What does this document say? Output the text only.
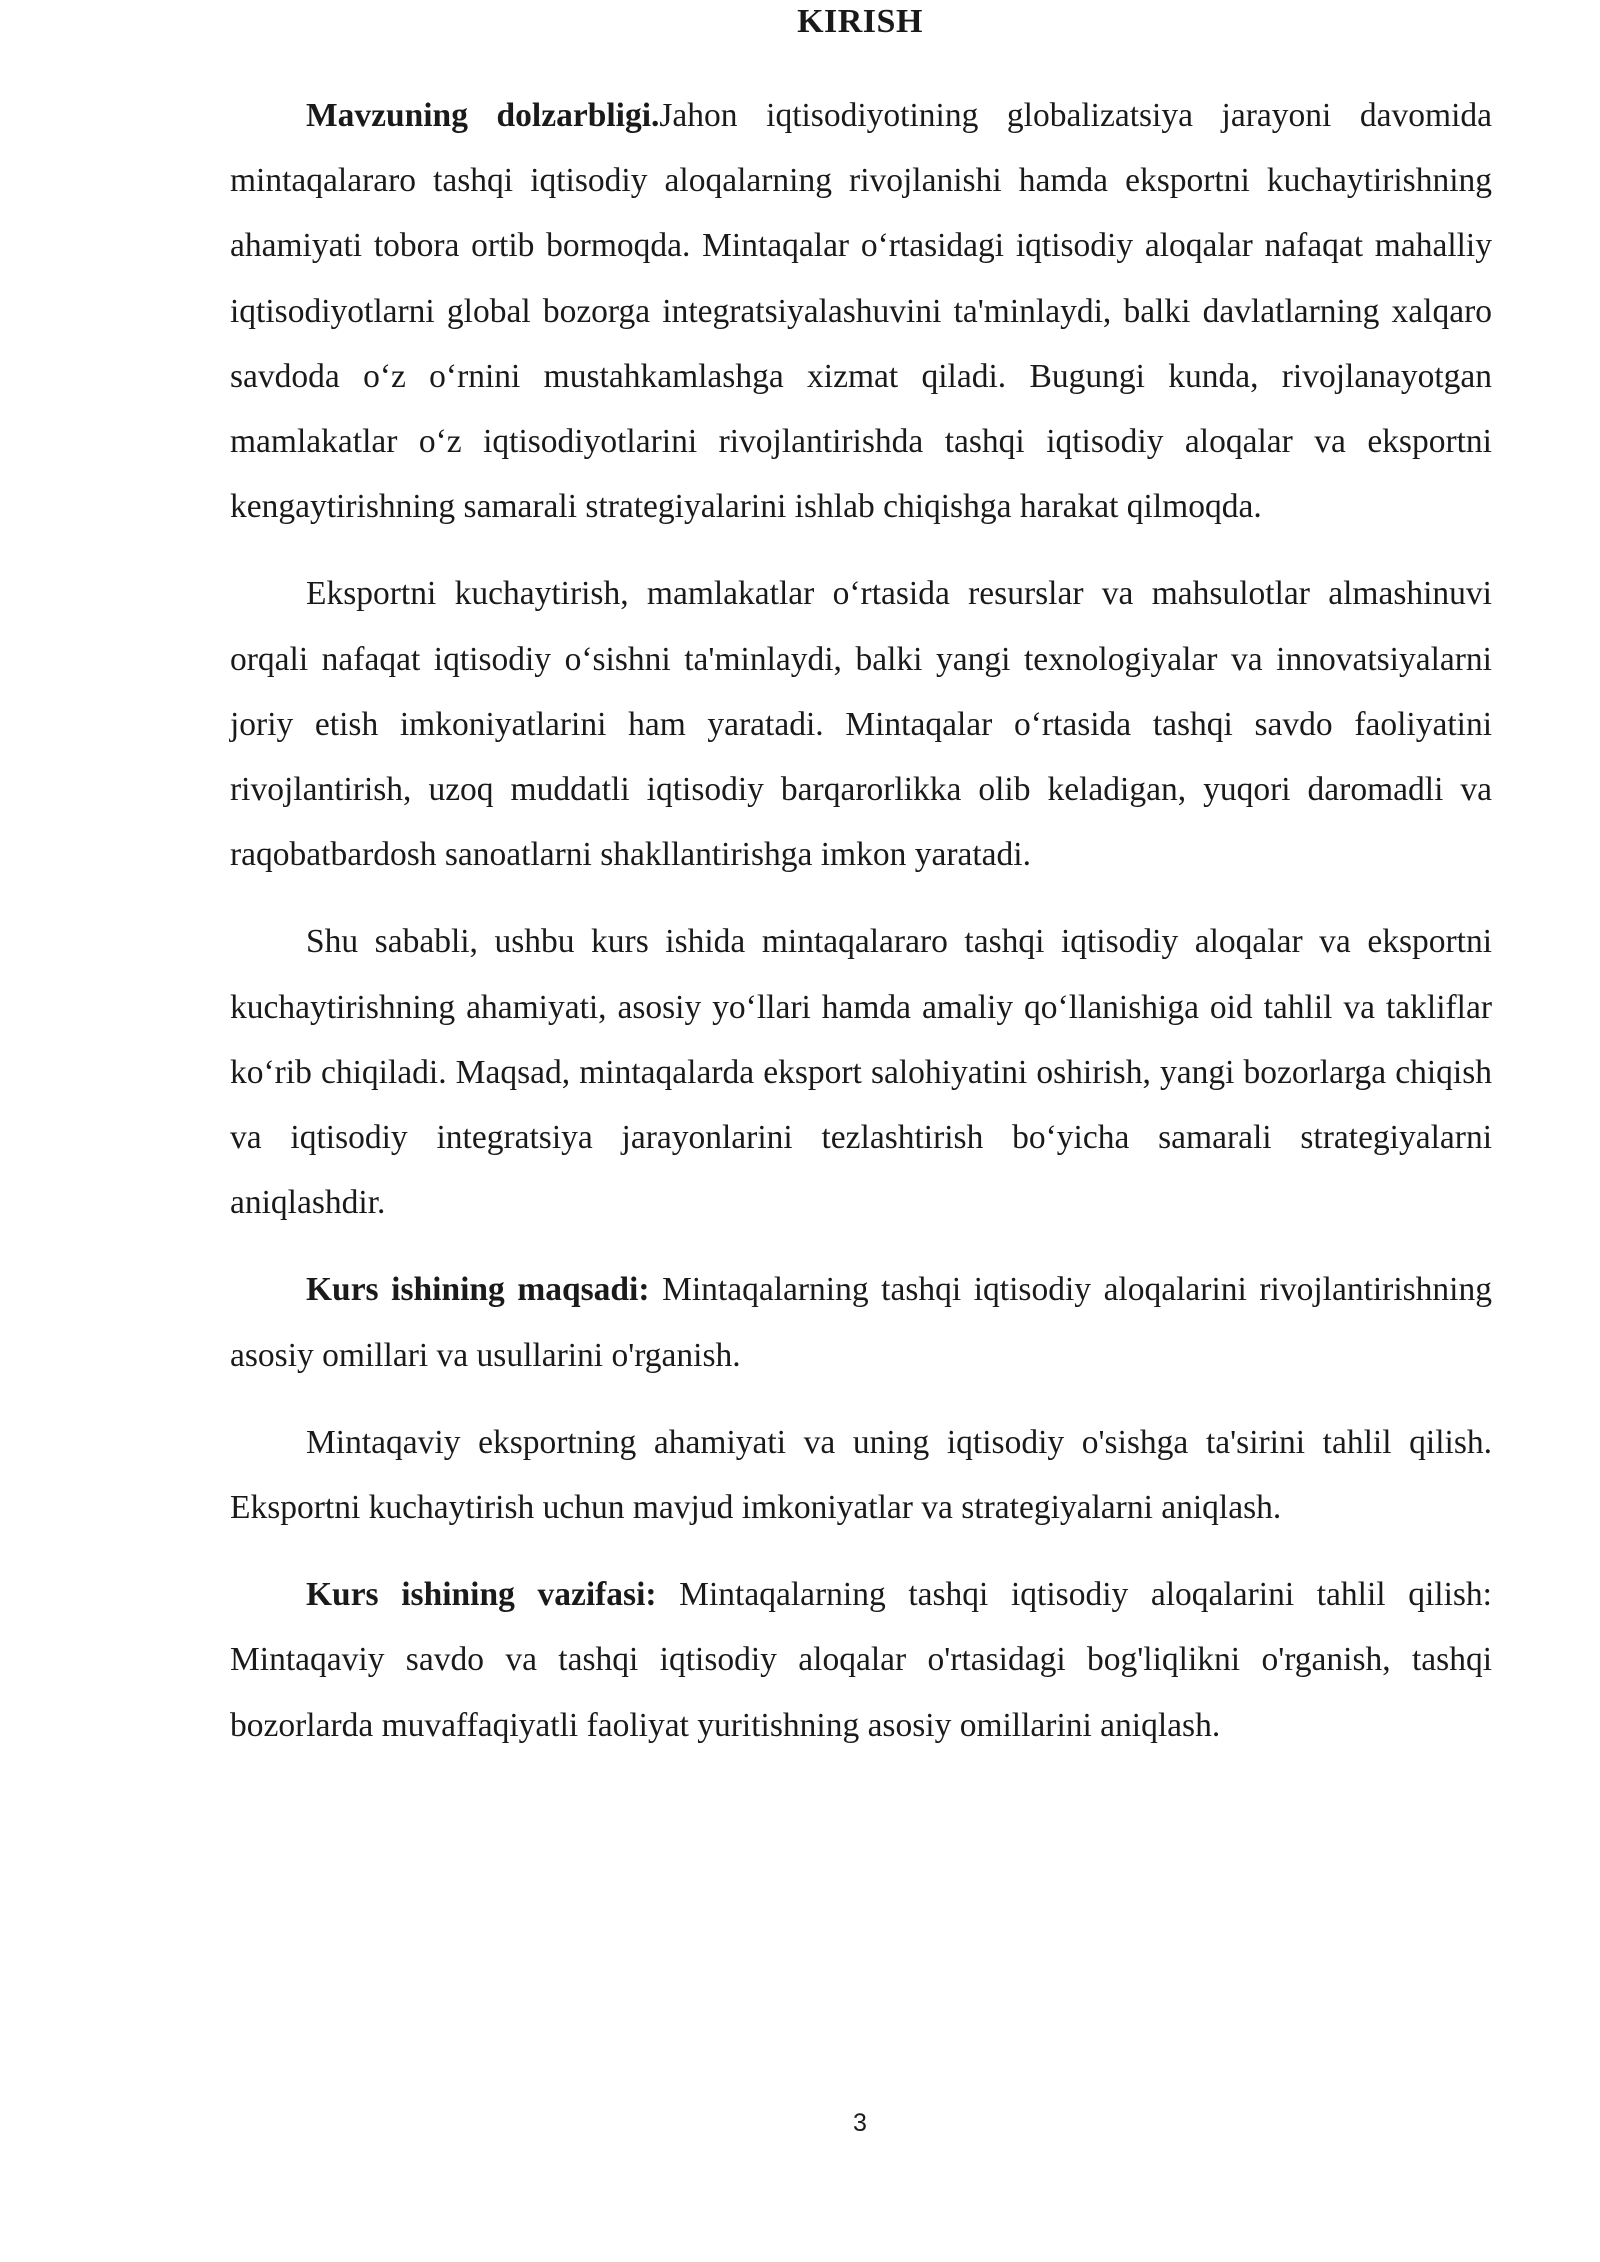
KIRISH

Mavzuning dolzarbligi.Jahon iqtisodiyotining globalizatsiya jarayoni davomida mintaqalararo tashqi iqtisodiy aloqalarning rivojlanishi hamda eksportni kuchaytirishning ahamiyati tobora ortib bormoqda. Mintaqalar o‘rtasidagi iqtisodiy aloqalar nafaqat mahalliy iqtisodiyotlarni global bozorga integratsiyalashuvini ta'minlaydi, balki davlatlarning xalqaro savdoda o‘z o‘rnini mustahkamlashga xizmat qiladi. Bugungi kunda, rivojlanayotgan mamlakatlar o‘z iqtisodiyotlarini rivojlantirishda tashqi iqtisodiy aloqalar va eksportni kengaytirishning samarali strategiyalarini ishlab chiqishga harakat qilmoqda.

Eksportni kuchaytirish, mamlakatlar o‘rtasida resurslar va mahsulotlar almashinuvi orqali nafaqat iqtisodiy o‘sishni ta'minlaydi, balki yangi texnologiyalar va innovatsiyalarni joriy etish imkoniyatlarini ham yaratadi. Mintaqalar o‘rtasida tashqi savdo faoliyatini rivojlantirish, uzoq muddatli iqtisodiy barqarorlikka olib keladigan, yuqori daromadli va raqobatbardosh sanoatlarni shakllantirishga imkon yaratadi.

Shu sababli, ushbu kurs ishida mintaqalararo tashqi iqtisodiy aloqalar va eksportni kuchaytirishning ahamiyati, asosiy yo‘llari hamda amaliy qo‘llanishiga oid tahlil va takliflar ko‘rib chiqiladi. Maqsad, mintaqalarda eksport salohiyatini oshirish, yangi bozorlarga chiqish va iqtisodiy integratsiya jarayonlarini tezlashtirish bo‘yicha samarali strategiyalarni aniqlashdir.

Kurs ishining maqsadi: Mintaqalarning tashqi iqtisodiy aloqalarini rivojlantirishning asosiy omillari va usullarini o'rganish.

Mintaqaviy eksportning ahamiyati va uning iqtisodiy o'sishga ta'sirini tahlil qilish. Eksportni kuchaytirish uchun mavjud imkoniyatlar va strategiyalarni aniqlash.

Kurs ishining vazifasi: Mintaqalarning tashqi iqtisodiy aloqalarini tahlil qilish: Mintaqaviy savdo va tashqi iqtisodiy aloqalar o'rtasidagi bog'liqlikni o'rganish, tashqi bozorlarda muvaffaqiyatli faoliyat yuritishning asosiy omillarini aniqlash.

3
